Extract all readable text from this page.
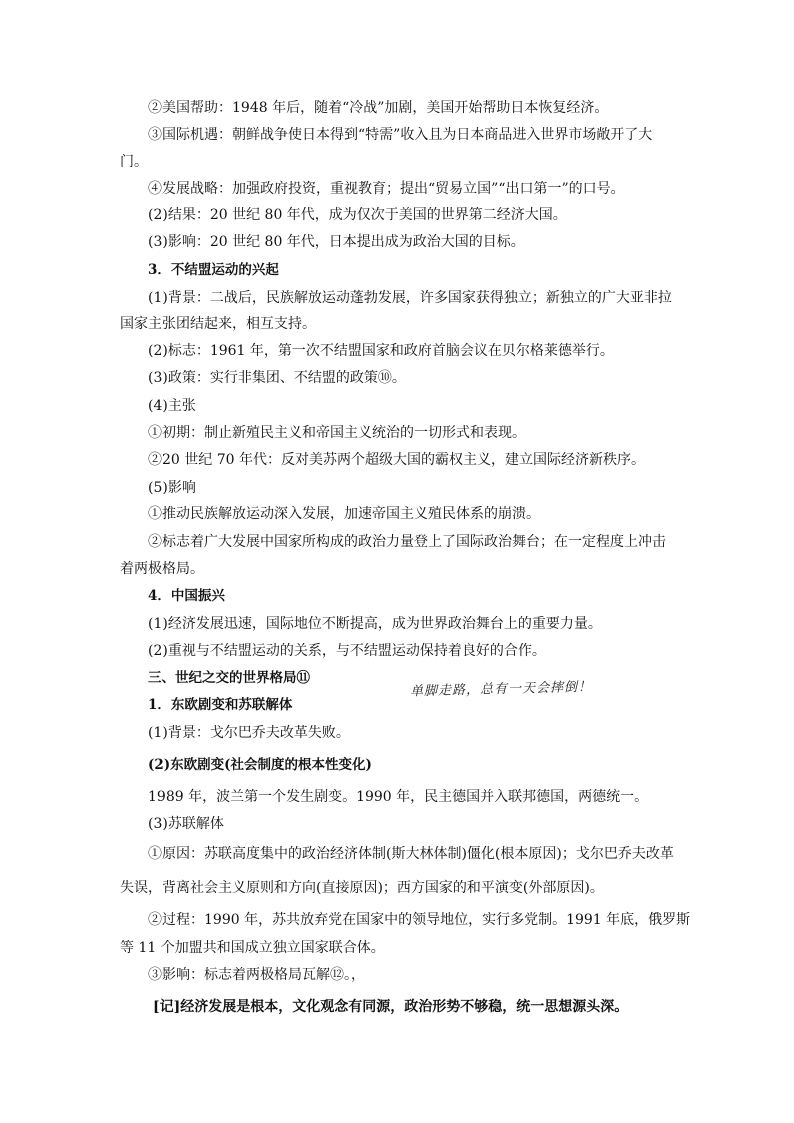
②美国帮助：1948 年后，随着“冷战”加剧，美国开始帮助日本恢复经济。
③国际机遇：朝鲜战争使日本得到“特需”收入且为日本商品进入世界市场敞开了大
门。
④发展战略：加强政府投资，重视教育；提出“贸易立国”“出口第一”的口号。
(2)结果：20 世纪 80 年代，成为仅次于美国的世界第二经济大国。
(3)影响：20 世纪 80 年代，日本提出成为政治大国的目标。
3．不结盟运动的兴起
(1)背景：二战后，民族解放运动蓬勃发展，许多国家获得独立；新独立的广大亚非拉
国家主张团结起来，相互支持。
(2)标志：1961 年，第一次不结盟国家和政府首脑会议在贝尔格莱德举行。
(3)政策：实行非集团、不结盟的政策⑩。
(4)主张
①初期：制止新殖民主义和帝国主义统治的一切形式和表现。
②20 世纪 70 年代：反对美苏两个超级大国的霸权主义，建立国际经济新秩序。
(5)影响
①推动民族解放运动深入发展，加速帝国主义殖民体系的崩溃。
②标志着广大发展中国家所构成的政治力量登上了国际政治舞台；在一定程度上冲击
着两极格局。
4．中国振兴
(1)经济发展迅速，国际地位不断提高，成为世界政治舞台上的重要力量。
(2)重视与不结盟运动的关系，与不结盟运动保持着良好的合作。
三、世纪之交的世界格局⑪
单脚走路，总有一天会摔倒！
1．东欧剧变和苏联解体
(1)背景：戈尔巴乔夫改革失败。
(2)东欧剧变(社会制度的根本性变化)
1989 年，波兰第一个发生剧变。1990 年，民主德国并入联邦德国，两德统一。
(3)苏联解体
①原因：苏联高度集中的政治经济体制(斯大林体制)僵化(根本原因)；戈尔巴乔夫改革
失误，背离社会主义原则和方向(直接原因)；西方国家的和平演变(外部原因)。
②过程：1990 年，苏共放弃党在国家中的领导地位，实行多党制。1991 年底，俄罗斯
等 11 个加盟共和国成立独立国家联合体。
③影响：标志着两极格局瓦解⑫。，
[记]经济发展是根本，文化观念有同源，政治形势不够稳，统一思想源头深。
